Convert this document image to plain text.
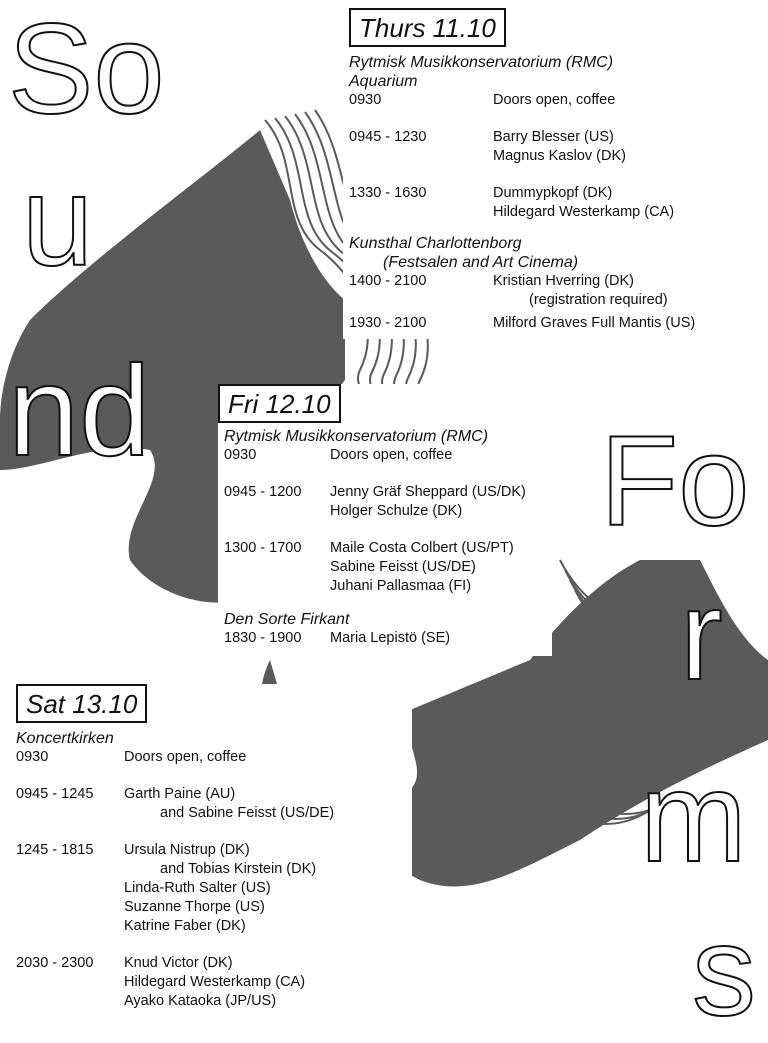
So
u
nd	Fo
r
m
s
Thurs 11.10
Rytmisk Musikkonservatorium (RMC)
Aquarium
0930	Doors open, coffee
0945 - 1230	Barry Blesser (US)
Magnus Kaslov (DK)
1330 - 1630	Dummypkopf (DK)
Hildegard Westerkamp (CA)
Kunsthal Charlottenborg
(Festsalen and Art Cinema)
1400 - 2100	Kristian Hverring (DK)
(registration required)
1930 - 2100	Milford Graves Full Mantis (US)
Fri 12.10
Rytmisk Musikkonservatorium (RMC)
0930	Doors open, coffee
0945 - 1200	Jenny Gräf Sheppard (US/DK)
Holger Schulze (DK)
1300 - 1700	Maile Costa Colbert (US/PT)
Sabine Feisst (US/DE)
Juhani Pallasmaa (FI)
Den Sorte Firkant
1830 - 1900	Maria Lepistö (SE)
Sat 13.10
Koncertkirken
0930	Doors open, coffee
0945 - 1245	Garth Paine (AU)
and Sabine Feisst (US/DE)
1245 - 1815	Ursula Nistrup (DK)
and Tobias Kirstein (DK)
Linda-Ruth Salter (US)
Suzanne Thorpe (US)
Katrine Faber (DK)
2030 - 2300	Knud Victor (DK)
Hildegard Westerkamp (CA)
Ayako Kataoka (JP/US)
